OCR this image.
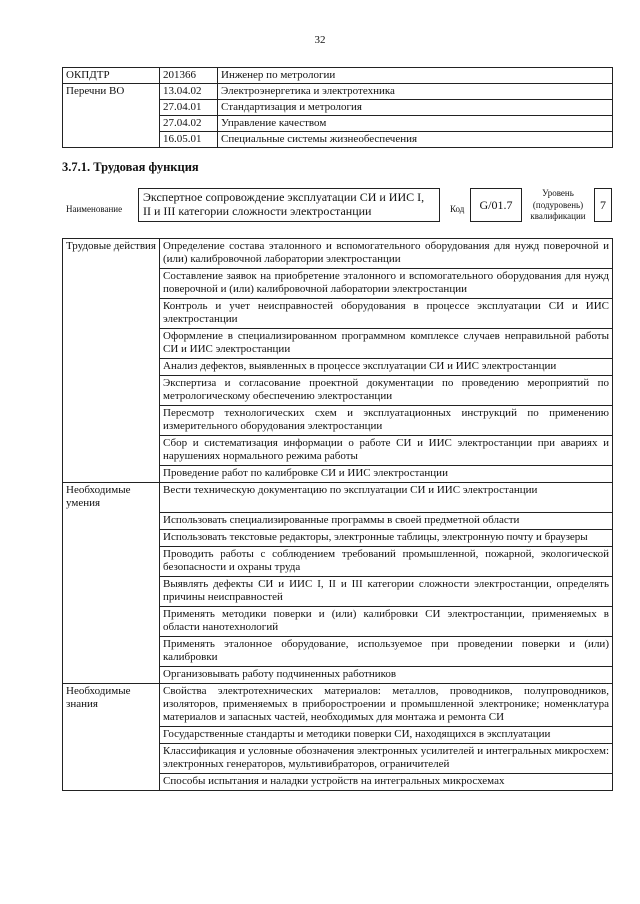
32
ОКПДТР	201366	Инженер по метрологии
Перечни ВО	13.04.02	Электроэнергетика и электротехника
	27.04.01	Стандартизация и метрология
	27.04.02	Управление качеством
	16.05.01	Специальные системы жизнеобеспечения
3.7.1. Трудовая функция
Наименование
Экспертное сопровождение эксплуатации СИ и ИИС I, II и III категории сложности электростанции	Код	G/01.7
Уровень (подуровень) квалификации
7
Трудовые действия	Определение состава эталонного и вспомогательного оборудования для нужд поверочной и (или) калибровочной лаборатории электростанции
	Составление заявок на приобретение эталонного и вспомогательного оборудования для нужд поверочной и (или) калибровочной лаборатории электростанции
	Контроль и учет неисправностей оборудования в процессе эксплуатации СИ и ИИС электростанции
	Оформление в специализированном программном комплексе случаев неправильной работы СИ и ИИС электростанции
	Анализ дефектов, выявленных в процессе эксплуатации СИ и ИИС электростанции
	Экспертиза и согласование проектной документации по проведению мероприятий по метрологическому обеспечению электростанции
	Пересмотр технологических схем и эксплуатационных инструкций по применению измерительного оборудования электростанции
	Сбор и систематизация информации о работе СИ и ИИС электростанции при авариях и нарушениях нормального режима работы
	Проведение работ по калибровке СИ и ИИС электростанции
Необходимые умения	Вести техническую документацию по эксплуатации СИ и ИИС электростанции
	Использовать специализированные программы в своей предметной области
	Использовать текстовые редакторы, электронные таблицы, электронную почту и браузеры
	Проводить работы с соблюдением требований промышленной, пожарной, экологической безопасности и охраны труда
	Выявлять дефекты СИ и ИИС I, II и III категории сложности электростанции, определять причины неисправностей
	Применять методики поверки и (или) калибровки СИ электростанции, применяемых в области нанотехнологий
	Применять эталонное оборудование, используемое при проведении поверки и (или) калибровки
	Организовывать работу подчиненных работников
Необходимые знания	Свойства электротехнических материалов: металлов, проводников, полупроводников, изоляторов, применяемых в приборостроении и промышленной электронике; номенклатура материалов и запасных частей, необходимых для монтажа и ремонта СИ
	Государственные стандарты и методики поверки СИ, находящихся в эксплуатации
	Классификация и условные обозначения электронных усилителей и интегральных микросхем: электронных генераторов, мультивибраторов, ограничителей
	Способы испытания и наладки устройств на интегральных микросхемах
